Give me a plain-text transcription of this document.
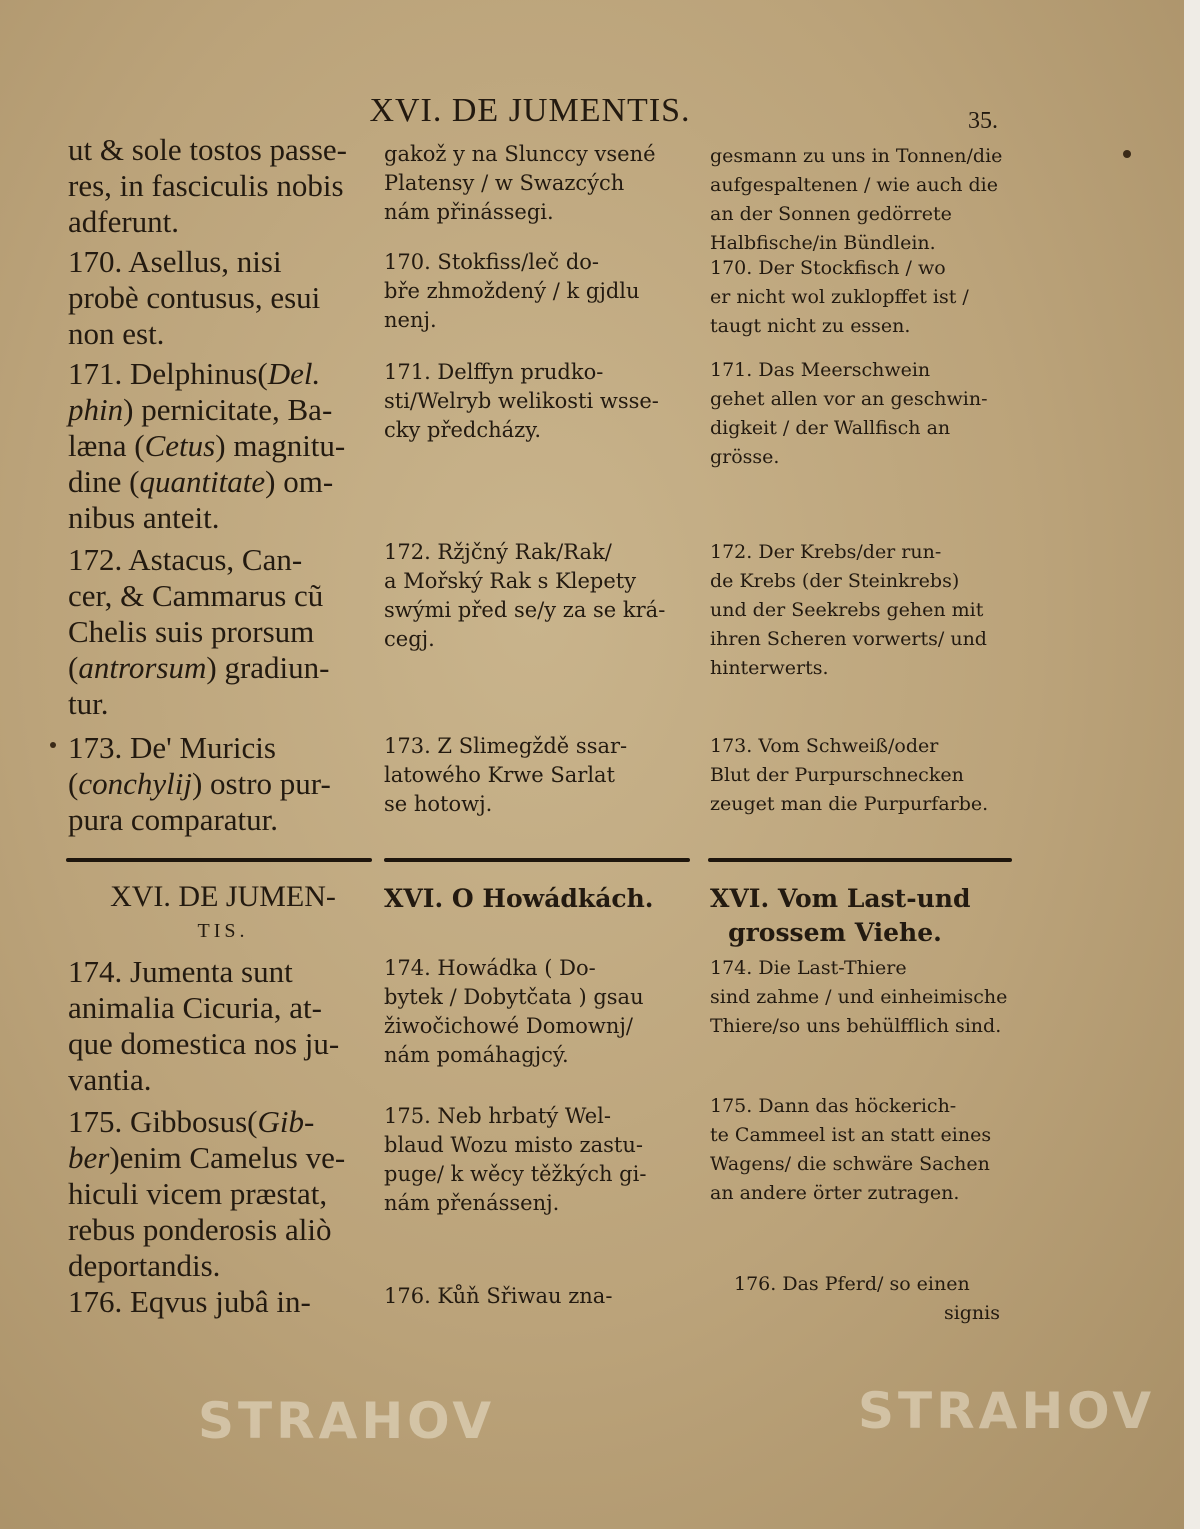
XVI. DE JUMENTIS.	35.

ut & sole tostos passe-
res, in fasciculis nobis
adferunt.

170. Asellus, nisi
probè contusus, esui
non est.

171. Delphinus(Del.
phin) pernicitate, Ba-
læna (Cetus) magnitu-
dine (quantitate) om-
nibus anteit.

172. Astacus, Can-
cer, & Cammarus cũ
Chelis suis prorsum
(antrorsum) gradiun-
tur.

173. De' Muricis
(conchylij) ostro pur-
pura comparatur.

XVI. DE JUMEN-
TIS.

174. Jumenta sunt
animalia Cicuria, at-
que domestica nos ju-
vantia.

175. Gibbosus(Gib-
ber)enim Camelus ve-
hiculi vicem præstat,
rebus ponderosis aliò
deportandis.

176. Eqvus jubâ in-

gakož y na Slunccy vsené
Platensy / w Swazcých
nám přinássegi.

170. Stokfiss/leč do-
bře zhmoždený / k gjdlu
nenj.

171. Delffyn prudko-
sti/Welryb welikosti wsse-
cky předcházy.

172. Ržjčný Rak/Rak/
a Mořský Rak s Klepety
swými před se/y za se krá-
cegj.

173. Z Slimegždě ssar-
latowého Krwe Sarlat
se hotowj.

XVI. O Howádkách.

174. Howádka ( Do-
bytek / Dobytčata ) gsau
žiwočichowé Domownj/
nám pomáhagjcý.

175. Neb hrbatý Wel-
blaud Wozu misto zastu-
puge/ k wěcy těžkých gi-
nám přenássenj.

176. Kůň Sřiwau zna-

gesmann zu uns in Tonnen/die
aufgespaltenen / wie auch die
an der Sonnen gedörrete
Halbfische/in Bündlein.

170. Der Stockfisch / wo
er nicht wol zuklopffet ist /
taugt nicht zu essen.

171. Das Meerschwein
gehet allen vor an geschwin-
digkeit / der Wallfisch an
grösse.

172. Der Krebs/der run-
de Krebs (der Steinkrebs)
und der Seekrebs gehen mit
ihren Scheren vorwerts/ und
hinterwerts.

173. Vom Schweiß/oder
Blut der Purpurschnecken
zeuget man die Purpurfarbe.

XVI. Vom Last-und
grossem Viehe.

174. Die Last-Thiere
sind zahme / und einheimische
Thiere/so uns behülfflich sind.

175. Dann das höckerich-
te Cammeel ist an statt eines
Wagens/ die schwäre Sachen
an andere örter zutragen.

176. Das Pferd/ so einen

signis

STRAHOV	STRAHOV
